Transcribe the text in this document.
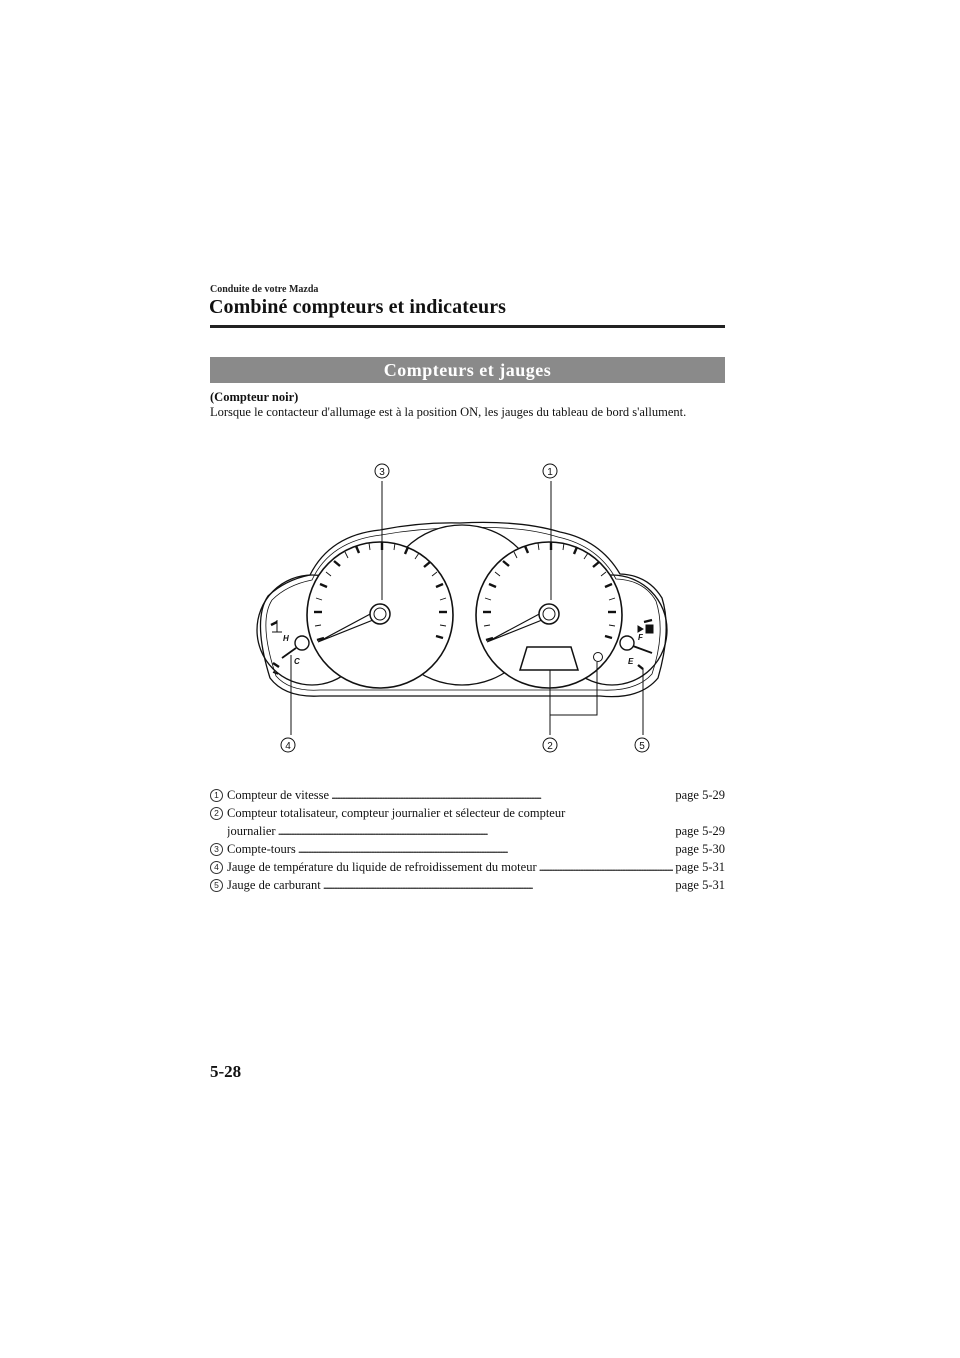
Conduite de votre Mazda
Combiné compteurs et indicateurs
Compteurs et jauges
(Compteur noir)
Lorsque le contacteur d'allumage est à la position ON, les jauges du tableau de bord s'allument.
H
C
F
E
3	1
4	2	5
1 Compteur de vitesse . . .	page 5-29
2 Compteur totalisateur, compteur journalier et sélecteur de compteur
journalier . . .	page 5-29
3 Compte-tours . . .	page 5-30
4 Jauge de température du liquide de refroidissement du moteur . . .	page 5-31
5 Jauge de carburant . . .	page 5-31
5-28
